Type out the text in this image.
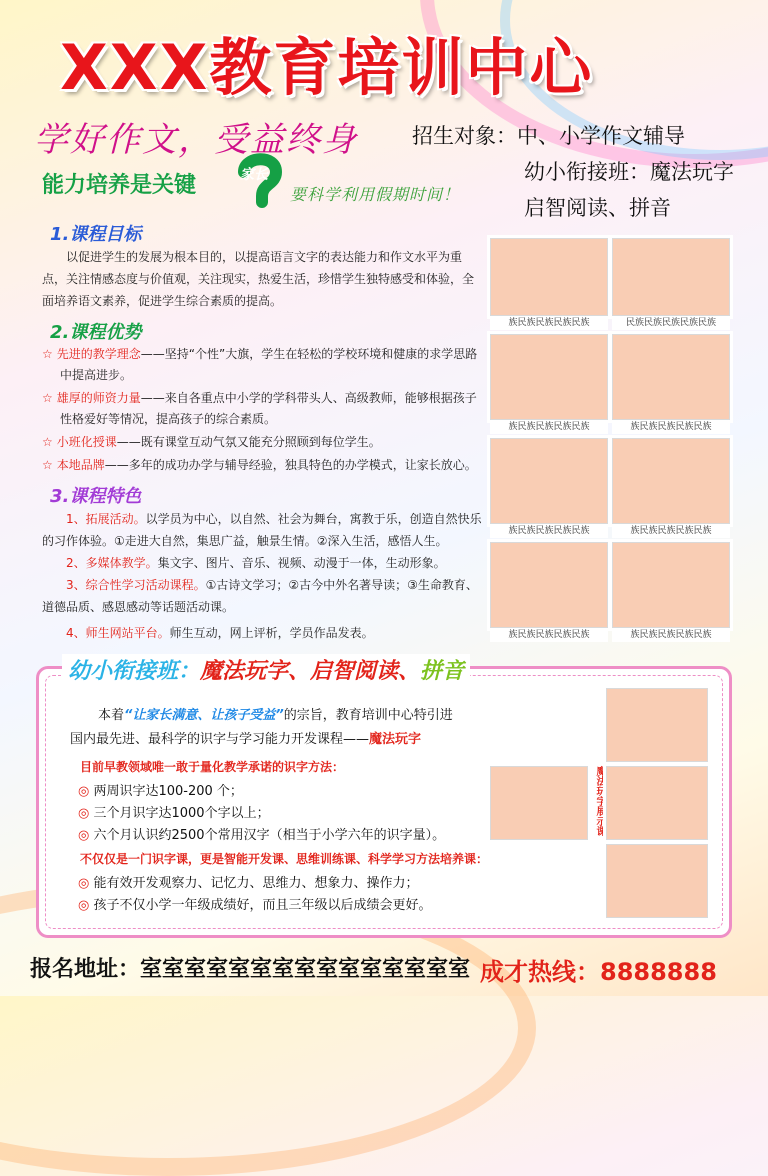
XXX教育培训中心
学好作文，受益终身	招生对象：中、小学作文辅导
幼小衔接班：魔法玩字
启智阅读、拼音
能力培养是关键	家长
要科学利用假期时间！
1.课程目标
以促进学生的发展为根本目的，以提高语言文字的表达能力和作文水平为重点，关注情感态度与价值观，关注现实，热爱生活，珍惜学生独特感受和体验，全面培养语文素养，促进学生综合素质的提高。
2.课程优势
☆ 先进的教学理念——坚持“个性”大旗，学生在轻松的学校环境和健康的求学思路中提高进步。
☆ 雄厚的师资力量——来自各重点中小学的学科带头人、高级教师，能够根据孩子性格爱好等情况，提高孩子的综合素质。
☆ 小班化授课——既有课堂互动气氛又能充分照顾到每位学生。
☆ 本地品牌——多年的成功办学与辅导经验，独具特色的办学模式，让家长放心。
3.课程特色
1、拓展活动。以学员为中心，以自然、社会为舞台，寓教于乐，创造自然快乐的习作体验。①走进大自然，集思广益，触景生情。②深入生活，感悟人生。
2、多媒体教学。集文字、图片、音乐、视频、动漫于一体，生动形象。
3、综合性学习活动课程。①古诗文学习；②古今中外名著导读；③生命教育、道德品质、感恩感动等话题活动课。
4、师生网站平台。师生互动，网上评析，学员作品发表。
族民族民族民族民族	民族民族民族民族民族
族民族民族民族民族	族民族民族民族民族
族民族民族民族民族	族民族民族民族民族
族民族民族民族民族	族民族民族民族民族
幼小衔接班：魔法玩字、启智阅读、拼音
本着“让家长满意、让孩子受益”的宗旨，教育培训中心特引进
国内最先进、最科学的识字与学习能力开发课程——魔法玩字
目前早教领域唯一敢于量化教学承诺的识字方法：
◎ 两周识字达100-200 个；
◎ 三个月识字达1000个字以上；
◎ 六个月认识约2500个常用汉字（相当于小学六年的识字量）。
不仅仅是一门识字课，更是智能开发课、思维训练课、科学学习方法培养课：
◎ 能有效开发观察力、记忆力、思维力、想象力、操作力；
◎ 孩子不仅小学一年级成绩好，而且三年级以后成绩会更好。
魔法玩字展示课
报名地址：室室室室室室室室室室室室室室室 成才热线：8888888
